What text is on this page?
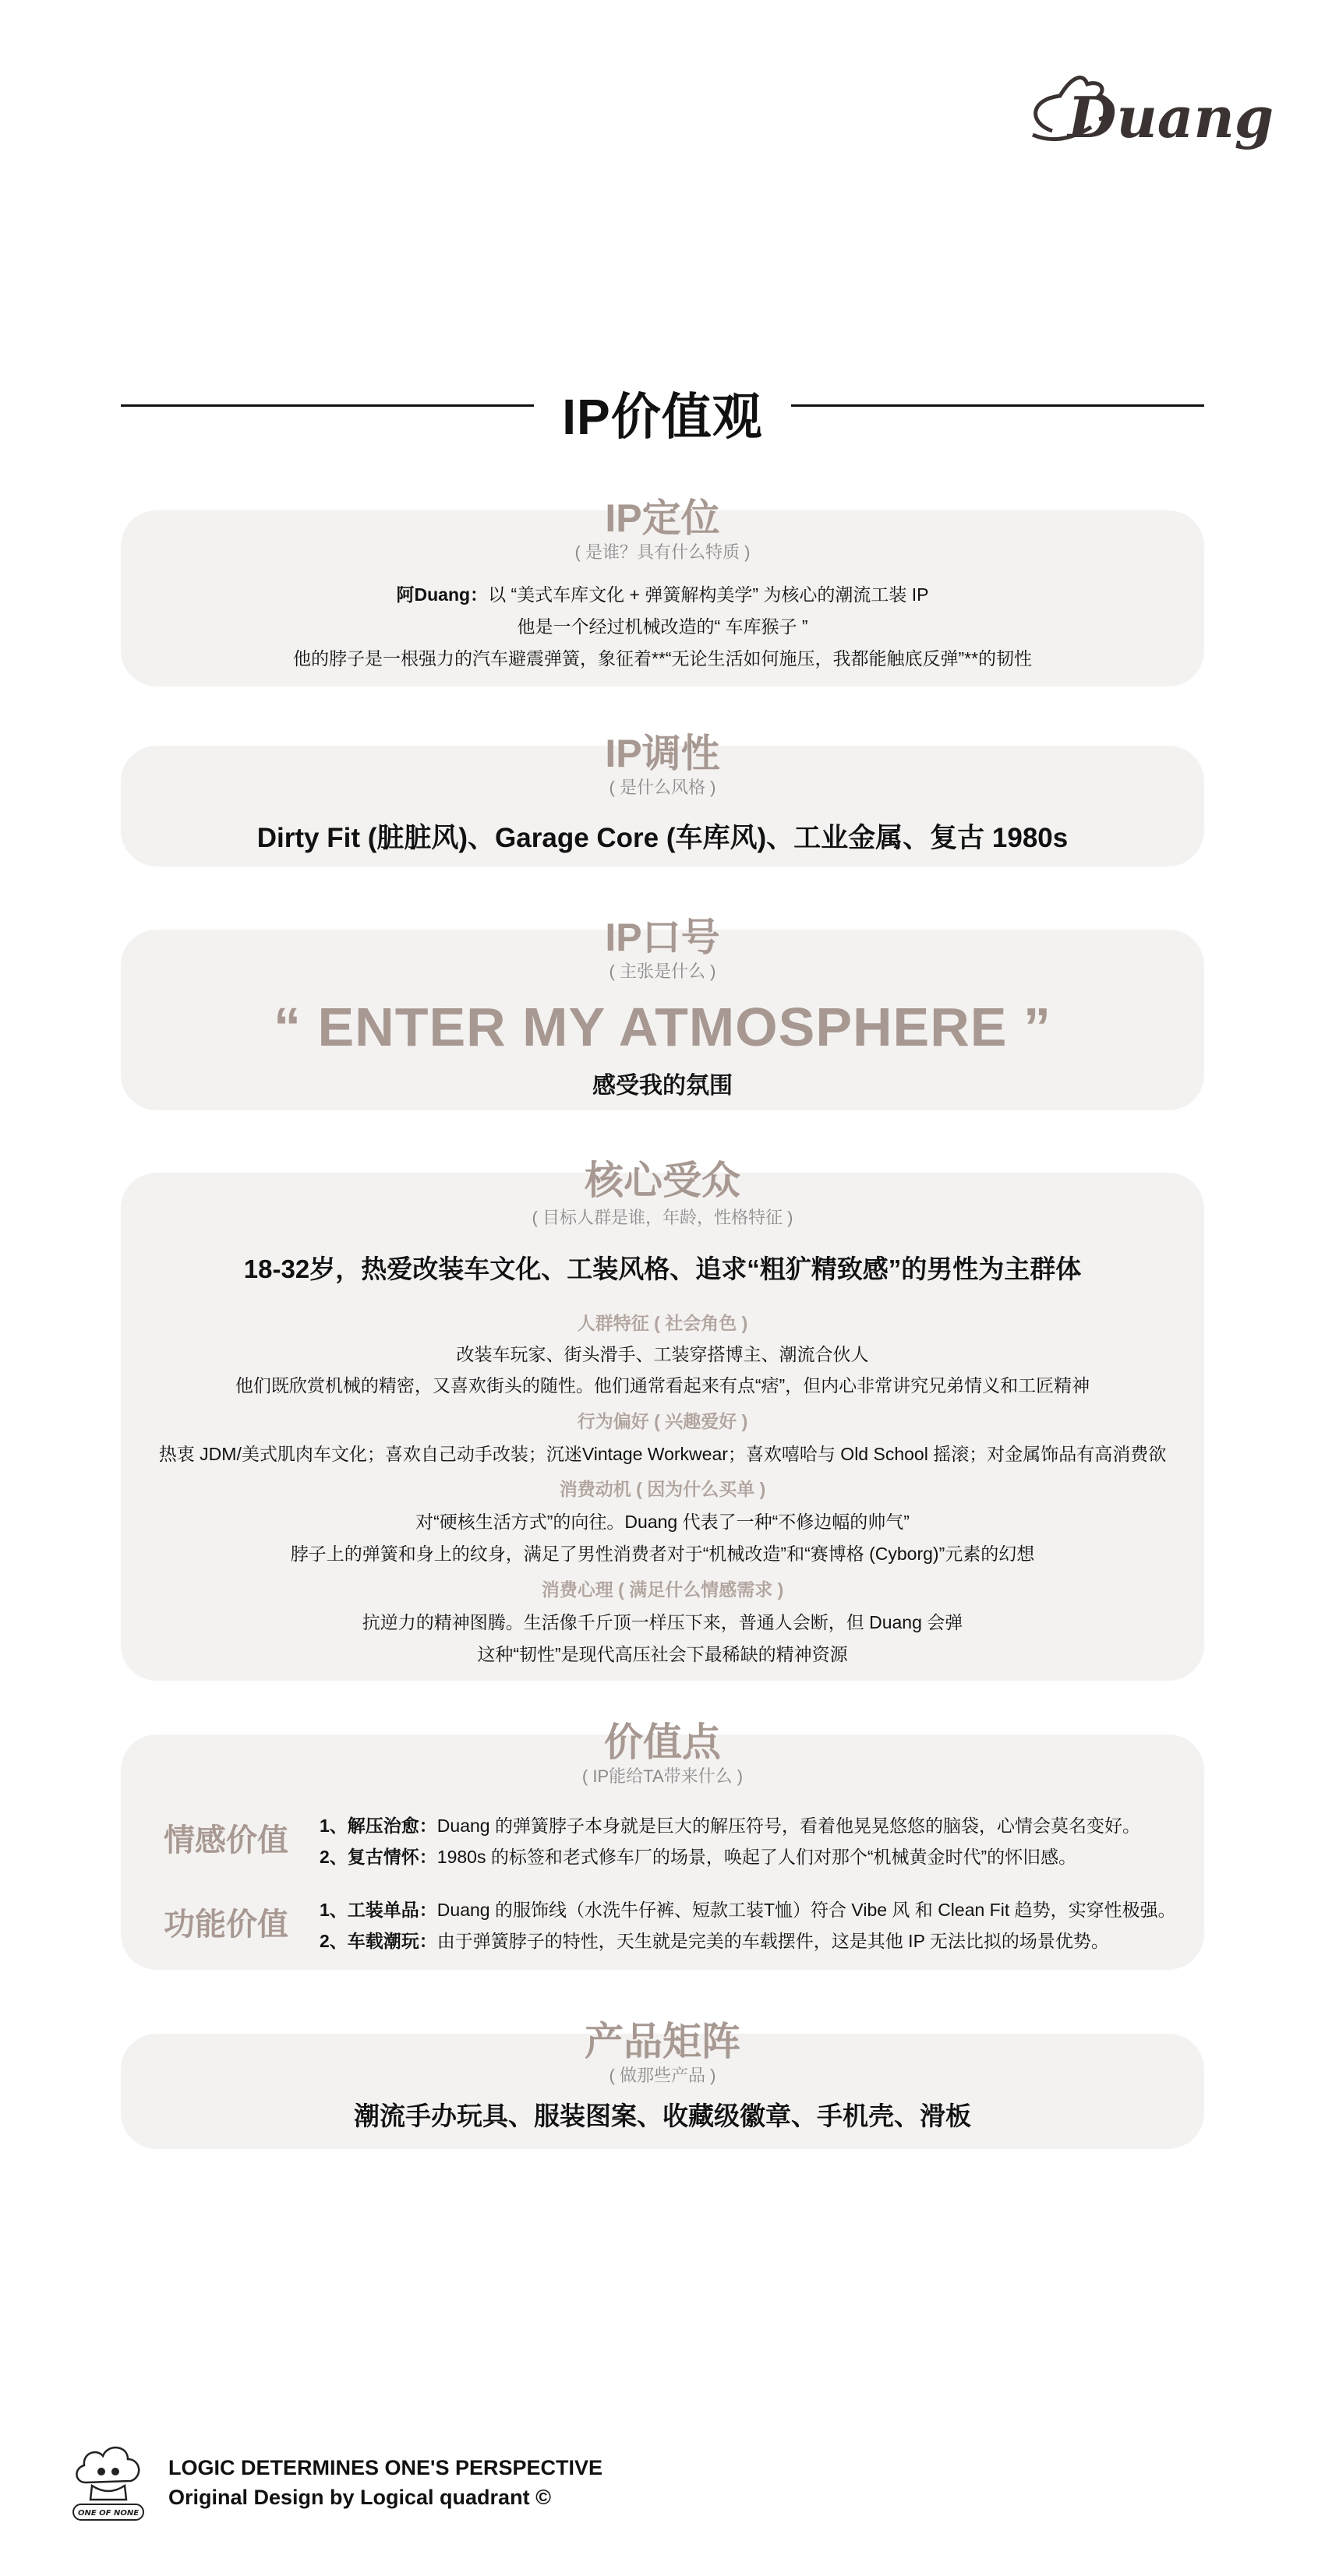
Duang
IP价值观
IP定位
( 是谁？具有什么特质 )
阿Duang：以 “美式车库文化 + 弹簧解构美学” 为核心的潮流工装 IP
他是一个经过机械改造的“ 车库猴子 ”
他的脖子是一根强力的汽车避震弹簧，象征着**“无论生活如何施压，我都能触底反弹”**的韧性
IP调性
( 是什么风格 )
Dirty Fit (脏脏风)、Garage Core (车库风)、工业金属、复古 1980s
IP口号
( 主张是什么 )
“ ENTER MY ATMOSPHERE ”
感受我的氛围
核心受众
( 目标人群是谁，年龄，性格特征 )
18-32岁，热爱改装车文化、工装风格、追求“粗犷精致感”的男性为主群体
人群特征 ( 社会角色 )
改装车玩家、街头滑手、工装穿搭博主、潮流合伙人
他们既欣赏机械的精密，又喜欢街头的随性。他们通常看起来有点“痞”，但内心非常讲究兄弟情义和工匠精神
行为偏好 ( 兴趣爱好 )
热衷 JDM/美式肌肉车文化；喜欢自己动手改装；沉迷Vintage Workwear；喜欢嘻哈与 Old School 摇滚；对金属饰品有高消费欲
消费动机 ( 因为什么买单 )
对“硬核生活方式”的向往。Duang 代表了一种“不修边幅的帅气”
脖子上的弹簧和身上的纹身，满足了男性消费者对于“机械改造”和“赛博格 (Cyborg)”元素的幻想
消费心理 ( 满足什么情感需求 )
抗逆力的精神图腾。生活像千斤顶一样压下来，普通人会断，但 Duang 会弹
这种“韧性”是现代高压社会下最稀缺的精神资源
价值点
( IP能给TA带来什么 )
情感价值 1、解压治愈：Duang 的弹簧脖子本身就是巨大的解压符号，看着他晃晃悠悠的脑袋，心情会莫名变好。
2、复古情怀：1980s 的标签和老式修车厂的场景，唤起了人们对那个“机械黄金时代”的怀旧感。
功能价值 1、工装单品：Duang 的服饰线（水洗牛仔裤、短款工装T恤）符合 Vibe 风 和 Clean Fit 趋势，实穿性极强。
2、车载潮玩：由于弹簧脖子的特性，天生就是完美的车载摆件，这是其他 IP 无法比拟的场景优势。
产品矩阵
( 做那些产品 )
潮流手办玩具、服装图案、收藏级徽章、手机壳、滑板
ONE OF NONE
LOGIC DETERMINES ONE'S PERSPECTIVE
Original Design by Logical quadrant ©
